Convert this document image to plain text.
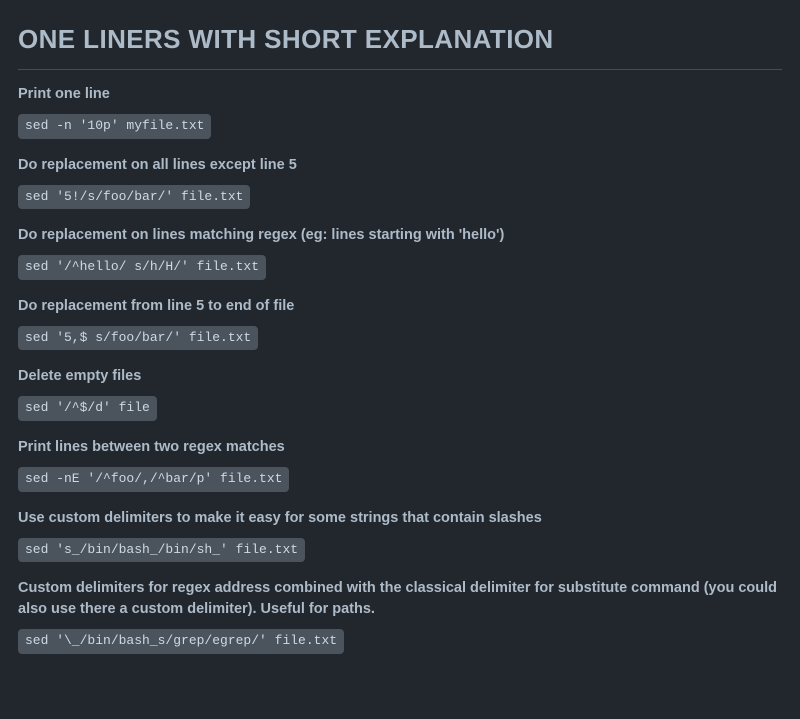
ONE LINERS WITH SHORT EXPLANATION
Print one line
sed -n '10p' myfile.txt
Do replacement on all lines except line 5
sed '5!/s/foo/bar/' file.txt
Do replacement on lines matching regex (eg: lines starting with 'hello')
sed '/^hello/ s/h/H/' file.txt
Do replacement from line 5 to end of file
sed '5,$ s/foo/bar/' file.txt
Delete empty files
sed '/^$/d' file
Print lines between two regex matches
sed -nE '/^foo/,/^bar/p' file.txt
Use custom delimiters to make it easy for some strings that contain slashes
sed 's_/bin/bash_/bin/sh_' file.txt
Custom delimiters for regex address combined with the classical delimiter for substitute command (you could also use there a custom delimiter). Useful for paths.
sed '\_/bin/bash_s/grep/egrep/' file.txt
